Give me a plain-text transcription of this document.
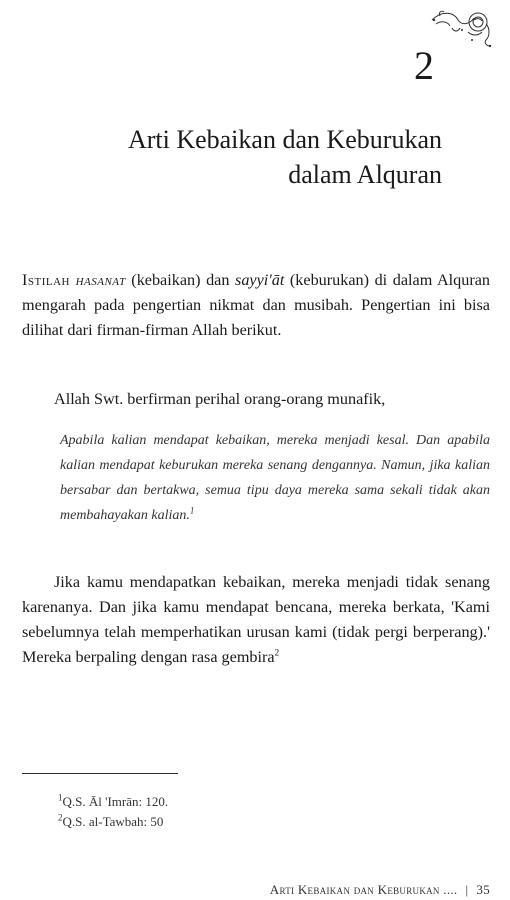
2
Arti Kebaikan dan Keburukan
dalam Alquran

Istilah hasanat (kebaikan) dan sayyi'āt (keburukan) di dalam Alquran mengarah pada pengertian nikmat dan musibah. Pengertian ini bisa dilihat dari firman-firman Allah berikut.

Allah Swt. berfirman perihal orang-orang munafik,

Apabila kalian mendapat kebaikan, mereka menjadi kesal. Dan apabila kalian mendapat keburukan mereka senang dengannya. Namun, jika kalian bersabar dan bertakwa, semua tipu daya mereka sama sekali tidak akan membahayakan kalian.$^1$

Jika kamu mendapatkan kebaikan, mereka menjadi tidak senang karenanya. Dan jika kamu mendapat bencana, mereka berkata, 'Kami sebelumnya telah memperhatikan urusan kami (tidak pergi berperang).' Mereka berpaling dengan rasa gembira$^2$

$^1$Q.S. Āl 'Imrān: 120.
$^2$Q.S. al-Tawbah: 50
Arti Kebaikan dan Keburukan .... | 35
